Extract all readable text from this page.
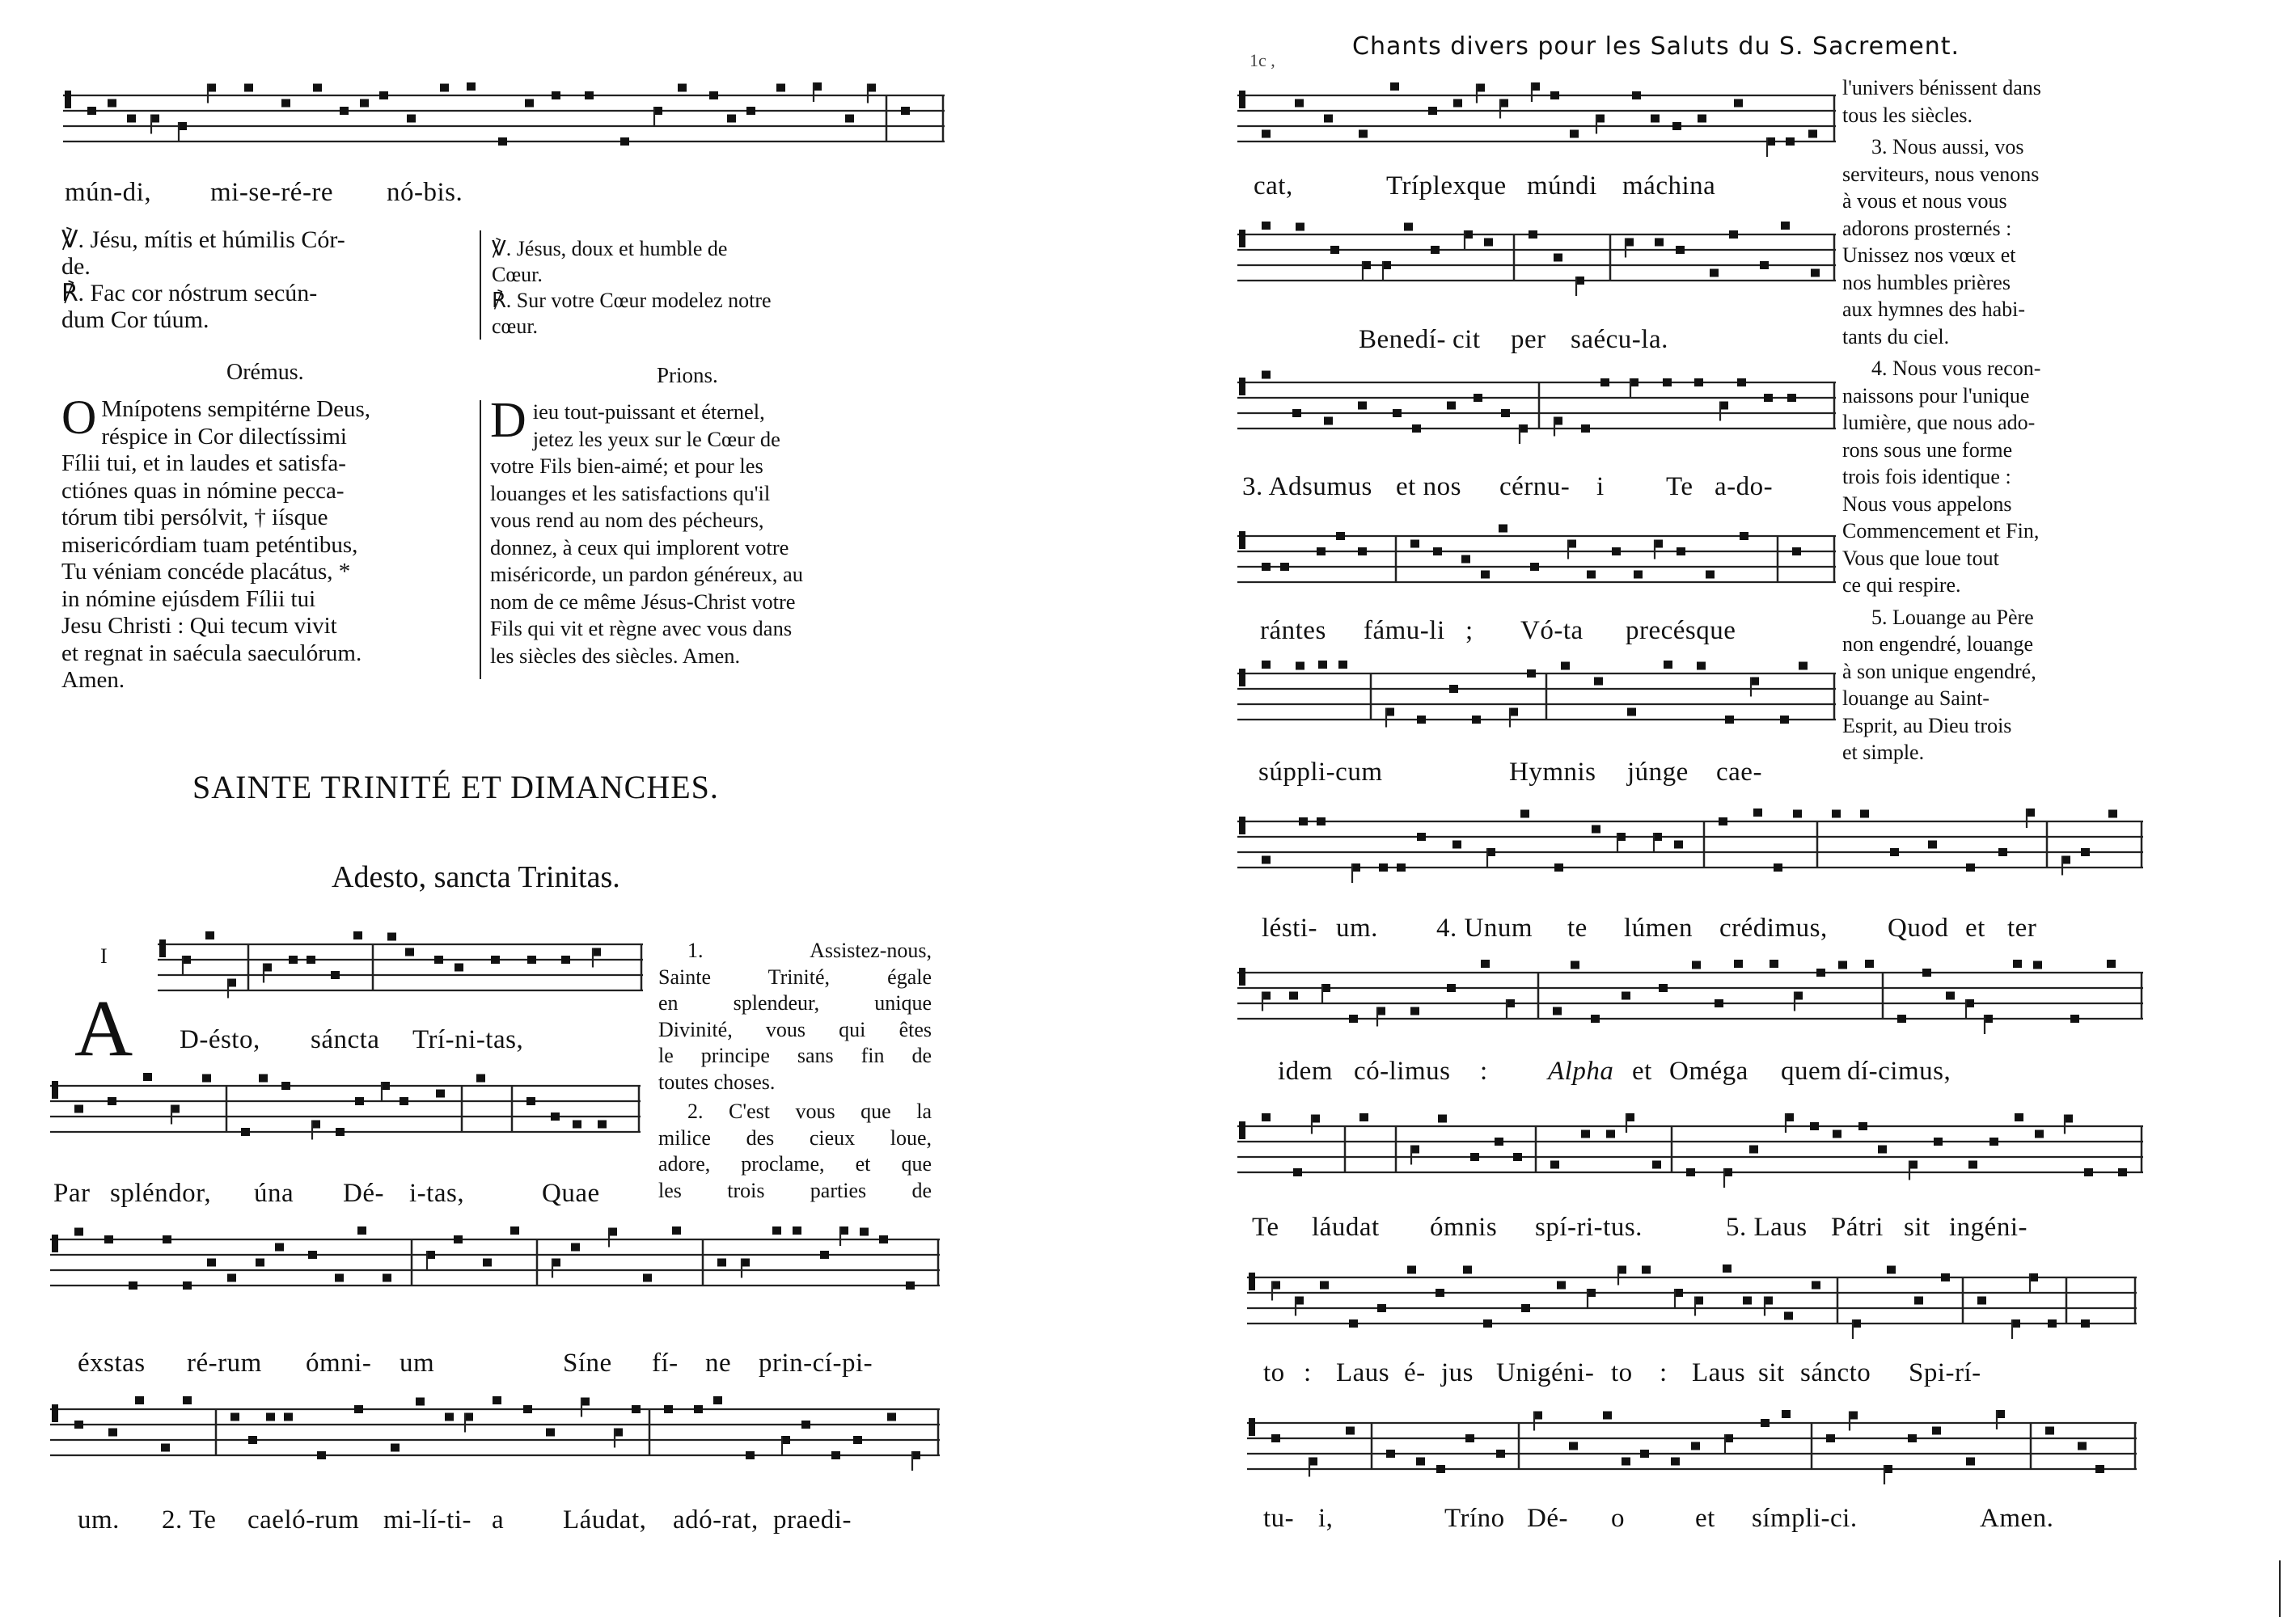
mún-di, mi-se-ré-re nó-bis.
℣. Jésu, mítis et húmilis Cór-
de.
℟. Fac cor nóstrum secún-
dum Cor túum.
℣. Jésus, doux et humble de
Cœur.
℟. Sur votre Cœur modelez notre
cœur.
Orémus.	Prions.
O Mnípotens sempitérne Deus,
réspice in Cor dilectíssimi
Fílii tui, et in laudes et satisfa-
ctiónes quas in nómine pecca-
tórum tibi persólvit, † iísque
misericórdiam tuam peténtibus,
Tu véniam concéde placátus, *
in nómine ejúsdem Fílii tui
Jesu Christi : Qui tecum vivit
et regnat in saécula saeculórum.
Amen.
D ieu tout-puissant et éternel,
jetez les yeux sur le Cœur de
votre Fils bien-aimé; et pour les
louanges et les satisfactions qu'il
vous rend au nom des pécheurs,
donnez, à ceux qui implorent votre
miséricorde, un pardon généreux, au
nom de ce même Jésus-Christ votre
Fils qui vit et règne avec vous dans
les siècles des siècles. Amen.
SAINTE TRINITÉ ET DIMANCHES.
Adesto, sancta Trinitas.
I
A D-ésto, sáncta Trí-ni-tas,
1. Assistez-nous,
Sainte Trinité, égale
en splendeur, unique
Divinité, vous qui êtes
le principe sans fin de
toutes choses.
2. C'est vous que la
milice des cieux loue,
adore, proclame, et que
les trois parties de
Par spléndor, úna Dé- i-tas,	Quae
éxstas ré-rum ómni- um	Síne fí- ne prin-cí-pi-
um. 2. Te caeló-rum mi-lí-ti- a Láudat, adó-rat, praedi-
1c ,	Chants divers pour les Saluts du S. Sacrement.
cat,	Tríplexque múndi máchina
Benedí- cit per saécu-la.
l'univers bénissent dans
tous les siècles.
3. Nous aussi, vos
serviteurs, nous venons
à vous et nous vous
adorons prosternés :
Unissez nos vœux et
nos humbles prières
aux hymnes des habi-
tants du ciel.
4. Nous vous recon-
naissons pour l'unique
lumière, que nous ado-
rons sous une forme
trois fois identique :
Nous vous appelons
Commencement et Fin,
Vous que loue tout
ce qui respire.
5. Louange au Père
non engendré, louange
à son unique engendré,
louange au Saint-
Esprit, au Dieu trois
et simple.
3. Adsumus et nos cérnu- i Te a-do-
rántes fámu-li ; Vó-ta precésque
súppli-cum	Hymnis júnge cae-
lésti- um. 4. Unum te lúmen crédimus, Quod et ter
idem có-limus : Alpha et Oméga quem dí-cimus,
Te láudat ómnis spí-ri-tus.	5. Laus Pátri sit ingéni-
to : Laus é- jus Unigéni- to : Laus sit sáncto Spi-rí-
tu- i,	Tríno Dé- o	et símpli-ci.	Amen.
